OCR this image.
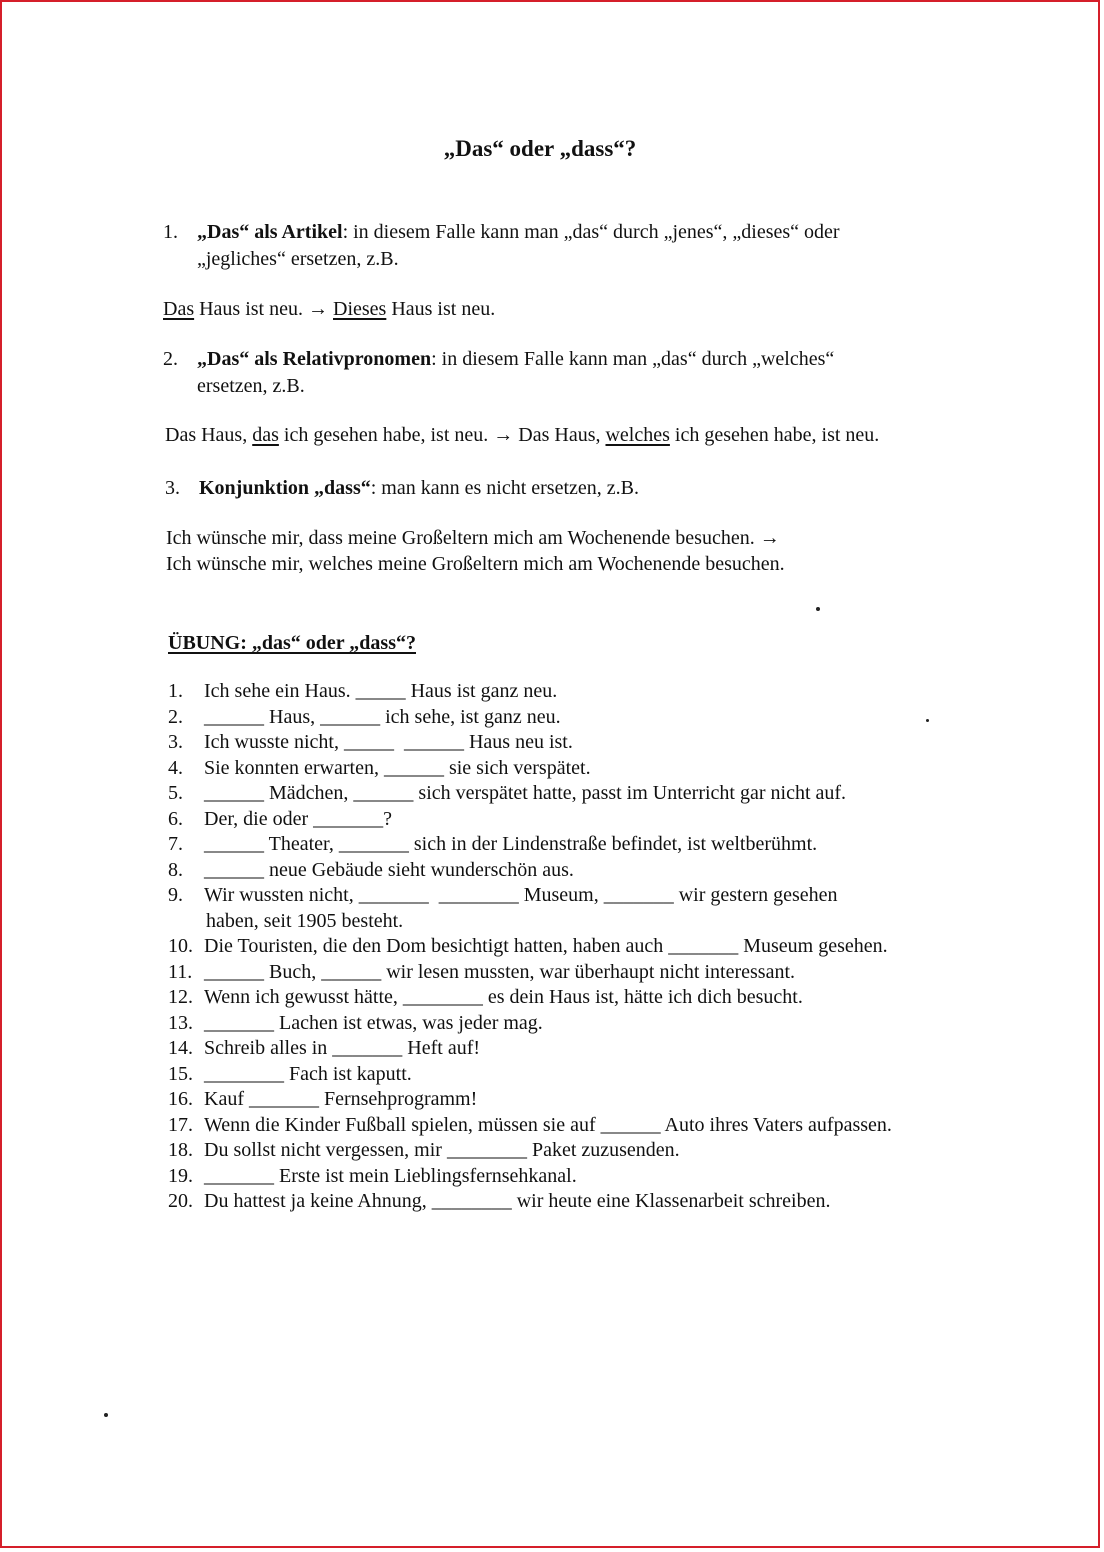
„Das“ oder „dass“?
1. „Das“ als Artikel: in diesem Falle kann man „das“ durch „jenes“, „dieses“ oder
„jegliches“ ersetzen, z.B.
Das Haus ist neu. → Dieses Haus ist neu.
2. „Das“ als Relativpronomen: in diesem Falle kann man „das“ durch „welches“
ersetzen, z.B.
Das Haus, das ich gesehen habe, ist neu. → Das Haus, welches ich gesehen habe, ist neu.
3. Konjunktion „dass“: man kann es nicht ersetzen, z.B.
Ich wünsche mir, dass meine Großeltern mich am Wochenende besuchen. →
Ich wünsche mir, welches meine Großeltern mich am Wochenende besuchen.
ÜBUNG: „das“ oder „dass“?
1. Ich sehe ein Haus. _____ Haus ist ganz neu.
2. ______ Haus, ______ ich sehe, ist ganz neu.
3. Ich wusste nicht, _____  ______ Haus neu ist.
4. Sie konnten erwarten, ______ sie sich verspätet.
5. ______ Mädchen, ______ sich verspätet hatte, passt im Unterricht gar nicht auf.
6. Der, die oder _______?
7. ______ Theater, _______ sich in der Lindenstraße befindet, ist weltberühmt.
8. ______ neue Gebäude sieht wunderschön aus.
9. Wir wussten nicht, _______  ________ Museum, _______ wir gestern gesehen
haben, seit 1905 besteht.
10. Die Touristen, die den Dom besichtigt hatten, haben auch _______ Museum gesehen.
11. ______ Buch, ______ wir lesen mussten, war überhaupt nicht interessant.
12. Wenn ich gewusst hätte, ________ es dein Haus ist, hätte ich dich besucht.
13. _______ Lachen ist etwas, was jeder mag.
14. Schreib alles in _______ Heft auf!
15. ________ Fach ist kaputt.
16. Kauf _______ Fernsehprogramm!
17. Wenn die Kinder Fußball spielen, müssen sie auf ______ Auto ihres Vaters aufpassen.
18. Du sollst nicht vergessen, mir ________ Paket zuzusenden.
19. _______ Erste ist mein Lieblingsfernsehkanal.
20. Du hattest ja keine Ahnung, ________ wir heute eine Klassenarbeit schreiben.
